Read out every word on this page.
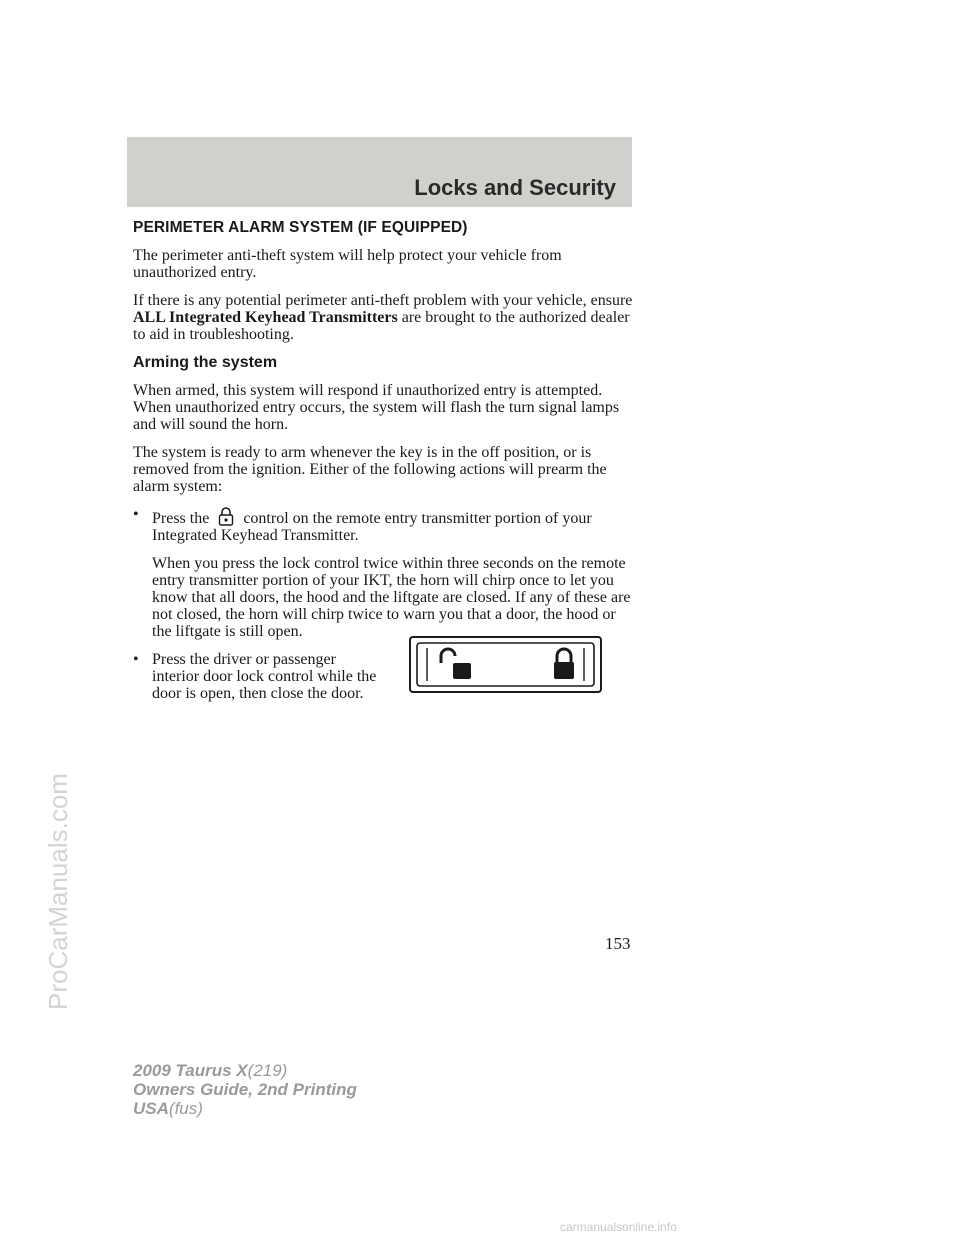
Locks and Security
PERIMETER ALARM SYSTEM (IF EQUIPPED)

The perimeter anti-theft system will help protect your vehicle from unauthorized entry.

If there is any potential perimeter anti-theft problem with your vehicle, ensure ALL Integrated Keyhead Transmitters are brought to the authorized dealer to aid in troubleshooting.

Arming the system

When armed, this system will respond if unauthorized entry is attempted. When unauthorized entry occurs, the system will flash the turn signal lamps and will sound the horn.

The system is ready to arm whenever the key is in the off position, or is removed from the ignition. Either of the following actions will prearm the alarm system:

• Press the control on the remote entry transmitter portion of your Integrated Keyhead Transmitter.

When you press the lock control twice within three seconds on the remote entry transmitter portion of your IKT, the horn will chirp once to let you know that all doors, the hood and the liftgate are closed. If any of these are not closed, the horn will chirp twice to warn you that a door, the hood or the liftgate is still open.

• Press the driver or passenger interior door lock control while the door is open, then close the door.
153
2009 Taurus X(219)
Owners Guide, 2nd Printing
USA(fus)
ProCarManuals.com
carmanualsonline.info
